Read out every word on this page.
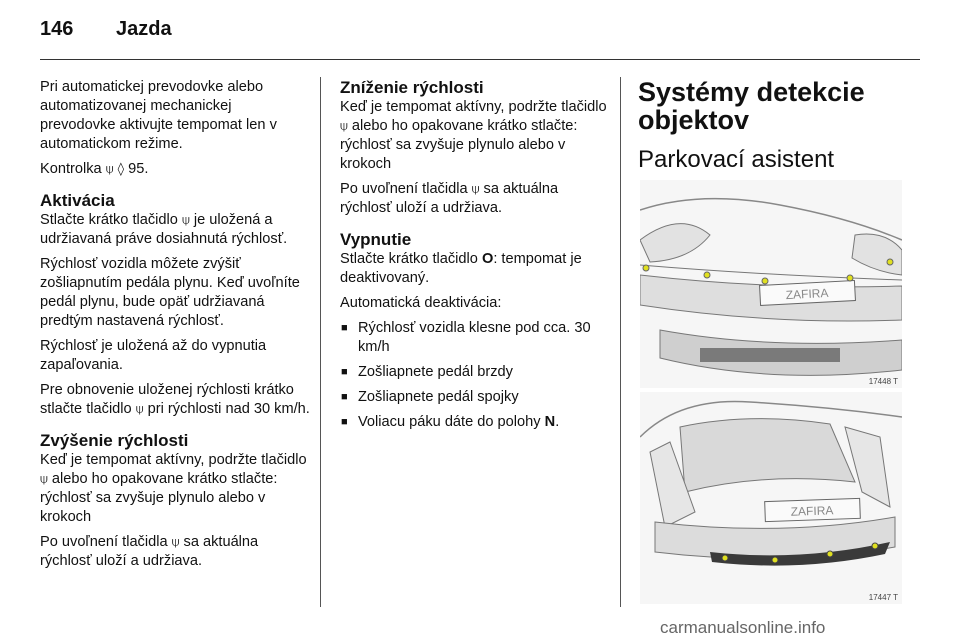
146 Jazda

Pri automatickej prevodovke alebo automatizovanej mechanickej prevodovke aktivujte tempomat len v automatickom režime.

Kontrolka ⍦ ◊ 95.

Aktivácia

Stlačte krátko tlačidlo ⍦ je uložená a udržiavaná práve dosiahnutá rýchlosť.

Rýchlosť vozidla môžete zvýšiť zošliapnutím pedála plynu. Keď uvoľníte pedál plynu, bude opäť udržiavaná predtým nastavená rýchlosť.

Rýchlosť je uložená až do vypnutia zapaľovania.

Pre obnovenie uloženej rýchlosti krátko stlačte tlačidlo ⍦ pri rýchlosti nad 30 km/h.

Zvýšenie rýchlosti

Keď je tempomat aktívny, podržte tlačidlo ⍦ alebo ho opakovane krátko stlačte: rýchlosť sa zvyšuje plynulo alebo v krokoch

Po uvoľnení tlačidla ⍦ sa aktuálna rýchlosť uloží a udržiava.

Zníženie rýchlosti

Keď je tempomat aktívny, podržte tlačidlo ⍦ alebo ho opakovane krátko stlačte: rýchlosť sa zvyšuje plynulo alebo v krokoch

Po uvoľnení tlačidla ⍦ sa aktuálna rýchlosť uloží a udržiava.

Vypnutie

Stlačte krátko tlačidlo O: tempomat je deaktivovaný.

Automatická deaktivácia:

■ Rýchlosť vozidla klesne pod cca. 30 km/h
■ Zošliapnete pedál brzdy
■ Zošliapnete pedál spojky
■ Voliacu páku dáte do polohy N.
Systémy detekcie objektov
Parkovací asistent
ZAFIRA
17448 T
ZAFIRA
17447 T
carmanualsonline.info
